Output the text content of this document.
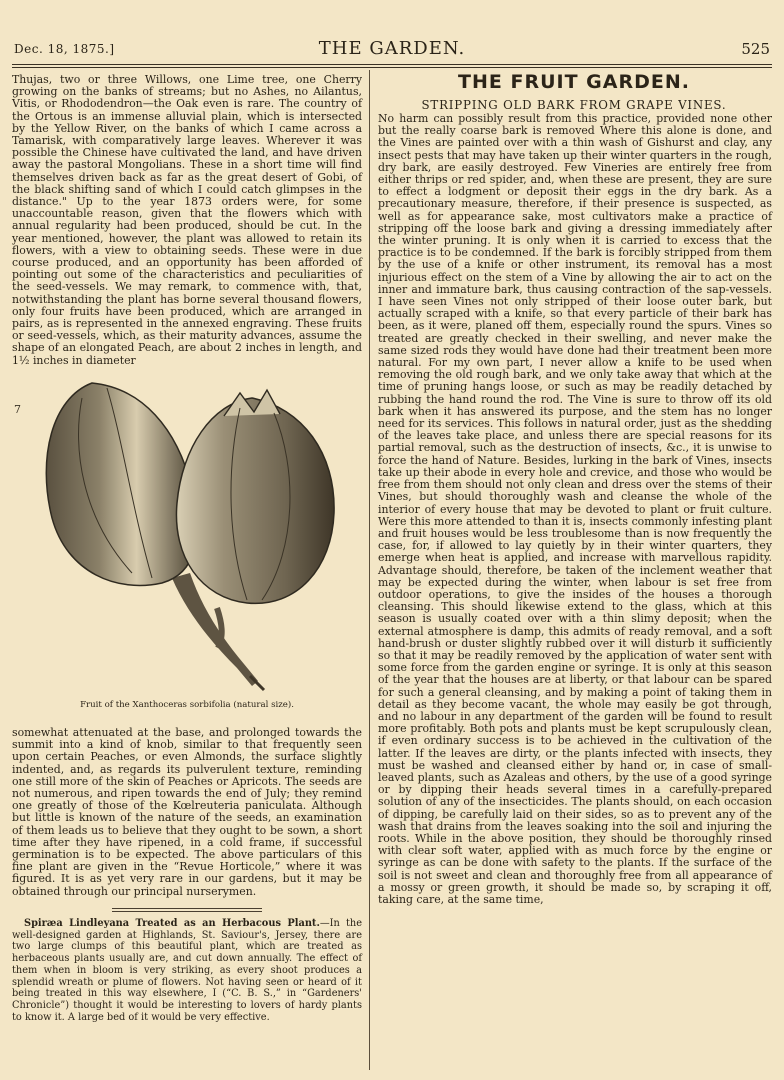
Dec. 18, 1875.]	THE GARDEN.	525

Thujas, two or three Willows, one Lime tree, one Cherry growing on the banks of streams; but no Ashes, no Ailantus, Vitis, or Rhododendron—the Oak even is rare. The country of the Ortous is an immense alluvial plain, which is intersected by the Yellow River, on the banks of which I came across a Tamarisk, with comparatively large leaves. Wherever it was possible the Chinese have cultivated the land, and have driven away the pastoral Mongolians. These in a short time will find themselves driven back as far as the great desert of Gobi, of the black shifting sand of which I could catch glimpses in the distance." Up to the year 1873 orders were, for some unaccountable reason, given that the flowers which with annual regularity had been produced, should be cut. In the year mentioned, however, the plant was allowed to retain its flowers, with a view to obtaining seeds. These were in due course produced, and an opportunity has been afforded of pointing out some of the characteristics and peculiarities of the seed-vessels. We may remark, to commence with, that, notwithstanding the plant has borne several thousand flowers, only four fruits have been produced, which are arranged in pairs, as is represented in the annexed engraving. These fruits or seed-vessels, which, as their maturity advances, assume the shape of an elongated Peach, are about 2 inches in length, and 1½ inches in diameter

7
Fruit of the Xanthoceras sorbifolia (natural size).

somewhat attenuated at the base, and prolonged towards the summit into a kind of knob, similar to that frequently seen upon certain Peaches, or even Almonds, the surface slightly indented, and, as regards its pulverulent texture, reminding one still more of the skin of Peaches or Apricots. The seeds are not numerous, and ripen towards the end of July; they remind one greatly of those of the Kœlreuteria paniculata. Although but little is known of the nature of the seeds, an examination of them leads us to believe that they ought to be sown, a short time after they have ripened, in a cold frame, if successful germination is to be expected. The above particulars of this fine plant are given in the “Revue Horticole,” where it was figured. It is as yet very rare in our gardens, but it may be obtained through our principal nurserymen.

Spiræa Lindleyana Treated as an Herbacous Plant.—In the well-designed garden at Highlands, St. Saviour's, Jersey, there are two large clumps of this beautiful plant, which are treated as herbaceous plants usually are, and cut down annually. The effect of them when in bloom is very striking, as every shoot produces a splendid wreath or plume of flowers. Not having seen or heard of it being treated in this way elsewhere, I (“C. B. S.,” in “Gardeners' Chronicle”) thought it would be interesting to lovers of hardy plants to know it. A large bed of it would be very effective.

THE FRUIT GARDEN.
STRIPPING OLD BARK FROM GRAPE VINES.

No harm can possibly result from this practice, provided none other but the really coarse bark is removed Where this alone is done, and the Vines are painted over with a thin wash of Gishurst and clay, any insect pests that may have taken up their winter quarters in the rough, dry bark, are easily destroyed. Few Vineries are entirely free from either thrips or red spider, and, when these are present, they are sure to effect a lodgment or deposit their eggs in the dry bark. As a precautionary measure, therefore, if their presence is suspected, as well as for appearance sake, most cultivators make a practice of stripping off the loose bark and giving a dressing immediately after the winter pruning. It is only when it is carried to excess that the practice is to be condemned. If the bark is forcibly stripped from them by the use of a knife or other instrument, its removal has a most injurious effect on the stem of a Vine by allowing the air to act on the inner and immature bark, thus causing contraction of the sap-vessels. I have seen Vines not only stripped of their loose outer bark, but actually scraped with a knife, so that every particle of their bark has been, as it were, planed off them, especially round the spurs. Vines so treated are greatly checked in their swelling, and never make the same sized rods they would have done had their treatment been more natural. For my own part, I never allow a knife to be used when removing the old rough bark, and we only take away that which at the time of pruning hangs loose, or such as may be readily detached by rubbing the hand round the rod. The Vine is sure to throw off its old bark when it has answered its purpose, and the stem has no longer need for its services. This follows in natural order, just as the shedding of the leaves take place, and unless there are special reasons for its partial removal, such as the destruction of insects, &c., it is unwise to force the hand of Nature. Besides, lurking in the bark of Vines, insects take up their abode in every hole and crevice, and those who would be free from them should not only clean and dress over the stems of their Vines, but should thoroughly wash and cleanse the whole of the interior of every house that may be devoted to plant or fruit culture. Were this more attended to than it is, insects commonly infesting plant and fruit houses would be less troublesome than is now frequently the case, for, if allowed to lay quietly by in their winter quarters, they emerge when heat is applied, and increase with marvellous rapidity. Advantage should, therefore, be taken of the inclement weather that may be expected during the winter, when labour is set free from outdoor operations, to give the insides of the houses a thorough cleansing. This should likewise extend to the glass, which at this season is usually coated over with a thin slimy deposit; when the external atmosphere is damp, this admits of ready removal, and a soft hand-brush or duster slightly rubbed over it will disturb it sufficiently so that it may be readily removed by the application of water sent with some force from the garden engine or syringe. It is only at this season of the year that the houses are at liberty, or that labour can be spared for such a general cleansing, and by making a point of taking them in detail as they become vacant, the whole may easily be got through, and no labour in any department of the garden will be found to result more profitably. Both pots and plants must be kept scrupulously clean, if even ordinary success is to be achieved in the cultivation of the latter. If the leaves are dirty, or the plants infected with insects, they must be washed and cleansed either by hand or, in case of small-leaved plants, such as Azaleas and others, by the use of a good syringe or by dipping their heads several times in a carefully-prepared solution of any of the insecticides. The plants should, on each occasion of dipping, be carefully laid on their sides, so as to prevent any of the wash that drains from the leaves soaking into the soil and injuring the roots. While in the above position, they should be thoroughly rinsed with clear soft water, applied with as much force by the engine or syringe as can be done with safety to the plants. If the surface of the soil is not sweet and clean and thoroughly free from all appearance of a mossy or green growth, it should be made so, by scraping it off, taking care, at the same time,
